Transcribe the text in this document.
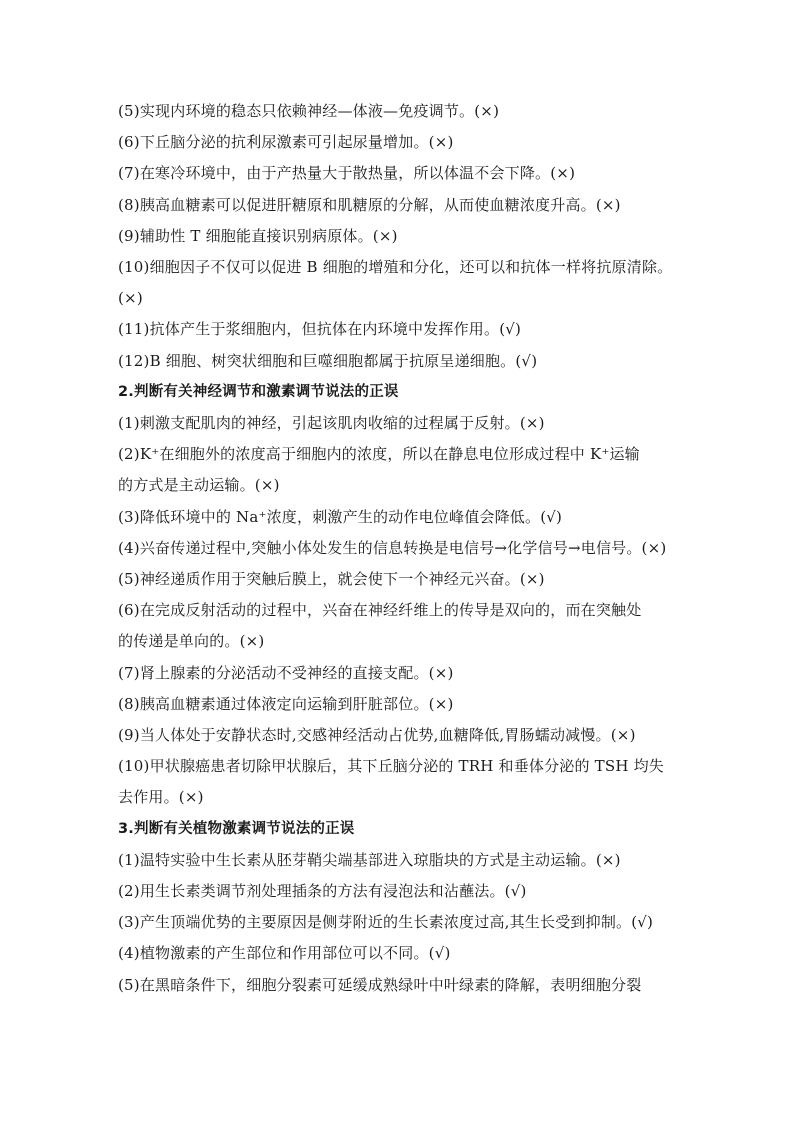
(5)实现内环境的稳态只依赖神经—体液—免疫调节。(×)
(6)下丘脑分泌的抗利尿激素可引起尿量增加。(×)
(7)在寒冷环境中，由于产热量大于散热量，所以体温不会下降。(×)
(8)胰高血糖素可以促进肝糖原和肌糖原的分解，从而使血糖浓度升高。(×)
(9)辅助性 T 细胞能直接识别病原体。(×)
(10)细胞因子不仅可以促进 B 细胞的增殖和分化，还可以和抗体一样将抗原清除。
(×)
(11)抗体产生于浆细胞内，但抗体在内环境中发挥作用。(√)
(12)B 细胞、树突状细胞和巨噬细胞都属于抗原呈递细胞。(√)
2.判断有关神经调节和激素调节说法的正误
(1)刺激支配肌肉的神经，引起该肌肉收缩的过程属于反射。(×)
(2)K⁺在细胞外的浓度高于细胞内的浓度，所以在静息电位形成过程中 K⁺运输
的方式是主动运输。(×)
(3)降低环境中的 Na⁺浓度，刺激产生的动作电位峰值会降低。(√)
(4)兴奋传递过程中,突触小体处发生的信息转换是电信号→化学信号→电信号。(×)
(5)神经递质作用于突触后膜上，就会使下一个神经元兴奋。(×)
(6)在完成反射活动的过程中，兴奋在神经纤维上的传导是双向的，而在突触处
的传递是单向的。(×)
(7)肾上腺素的分泌活动不受神经的直接支配。(×)
(8)胰高血糖素通过体液定向运输到肝脏部位。(×)
(9)当人体处于安静状态时,交感神经活动占优势,血糖降低,胃肠蠕动减慢。(×)
(10)甲状腺癌患者切除甲状腺后，其下丘脑分泌的 TRH 和垂体分泌的 TSH 均失
去作用。(×)
3.判断有关植物激素调节说法的正误
(1)温特实验中生长素从胚芽鞘尖端基部进入琼脂块的方式是主动运输。(×)
(2)用生长素类调节剂处理插条的方法有浸泡法和沾蘸法。(√)
(3)产生顶端优势的主要原因是侧芽附近的生长素浓度过高,其生长受到抑制。(√)
(4)植物激素的产生部位和作用部位可以不同。(√)
(5)在黑暗条件下，细胞分裂素可延缓成熟绿叶中叶绿素的降解，表明细胞分裂
